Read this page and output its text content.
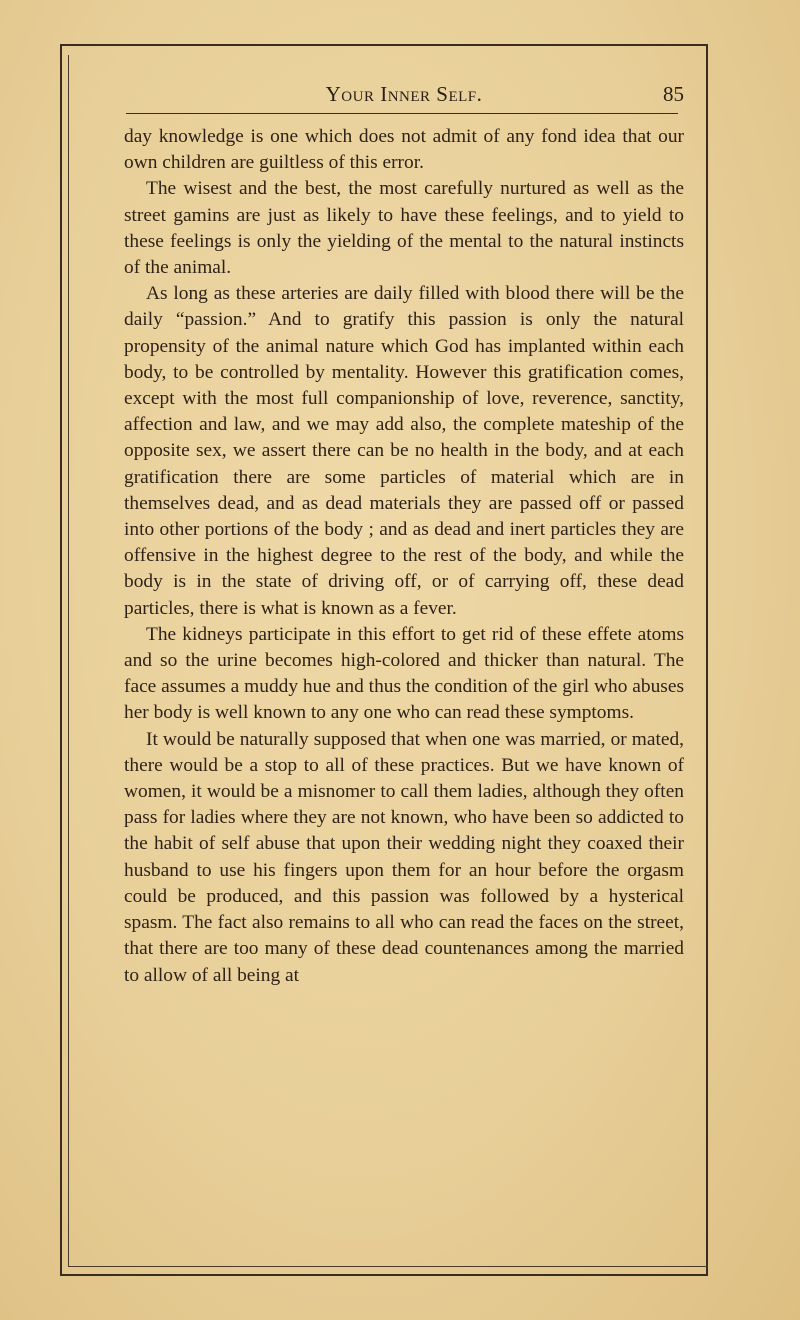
Your Inner Self.	85

day knowledge is one which does not admit of any fond idea that our own children are guiltless of this error.

The wisest and the best, the most carefully nurtured as well as the street gamins are just as likely to have these feelings, and to yield to these feelings is only the yielding of the mental to the natural instincts of the animal.

As long as these arteries are daily filled with blood there will be the daily “passion.” And to gratify this passion is only the natural propensity of the animal nature which God has implanted within each body, to be controlled by mentality. However this gratification comes, except with the most full companionship of love, reverence, sanctity, affection and law, and we may add also, the complete mateship of the opposite sex, we assert there can be no health in the body, and at each gratification there are some particles of material which are in themselves dead, and as dead materials they are passed off or passed into other portions of the body ; and as dead and inert particles they are offensive in the highest degree to the rest of the body, and while the body is in the state of driving off, or of carrying off, these dead particles, there is what is known as a fever.

The kidneys participate in this effort to get rid of these effete atoms and so the urine becomes high-colored and thicker than natural. The face assumes a muddy hue and thus the condition of the girl who abuses her body is well known to any one who can read these symptoms.

It would be naturally supposed that when one was married, or mated, there would be a stop to all of these practices. But we have known of women, it would be a misnomer to call them ladies, although they often pass for ladies where they are not known, who have been so addicted to the habit of self abuse that upon their wedding night they coaxed their husband to use his fingers upon them for an hour before the orgasm could be produced, and this passion was followed by a hysterical spasm. The fact also remains to all who can read the faces on the street, that there are too many of these dead countenances among the married to allow of all being at
